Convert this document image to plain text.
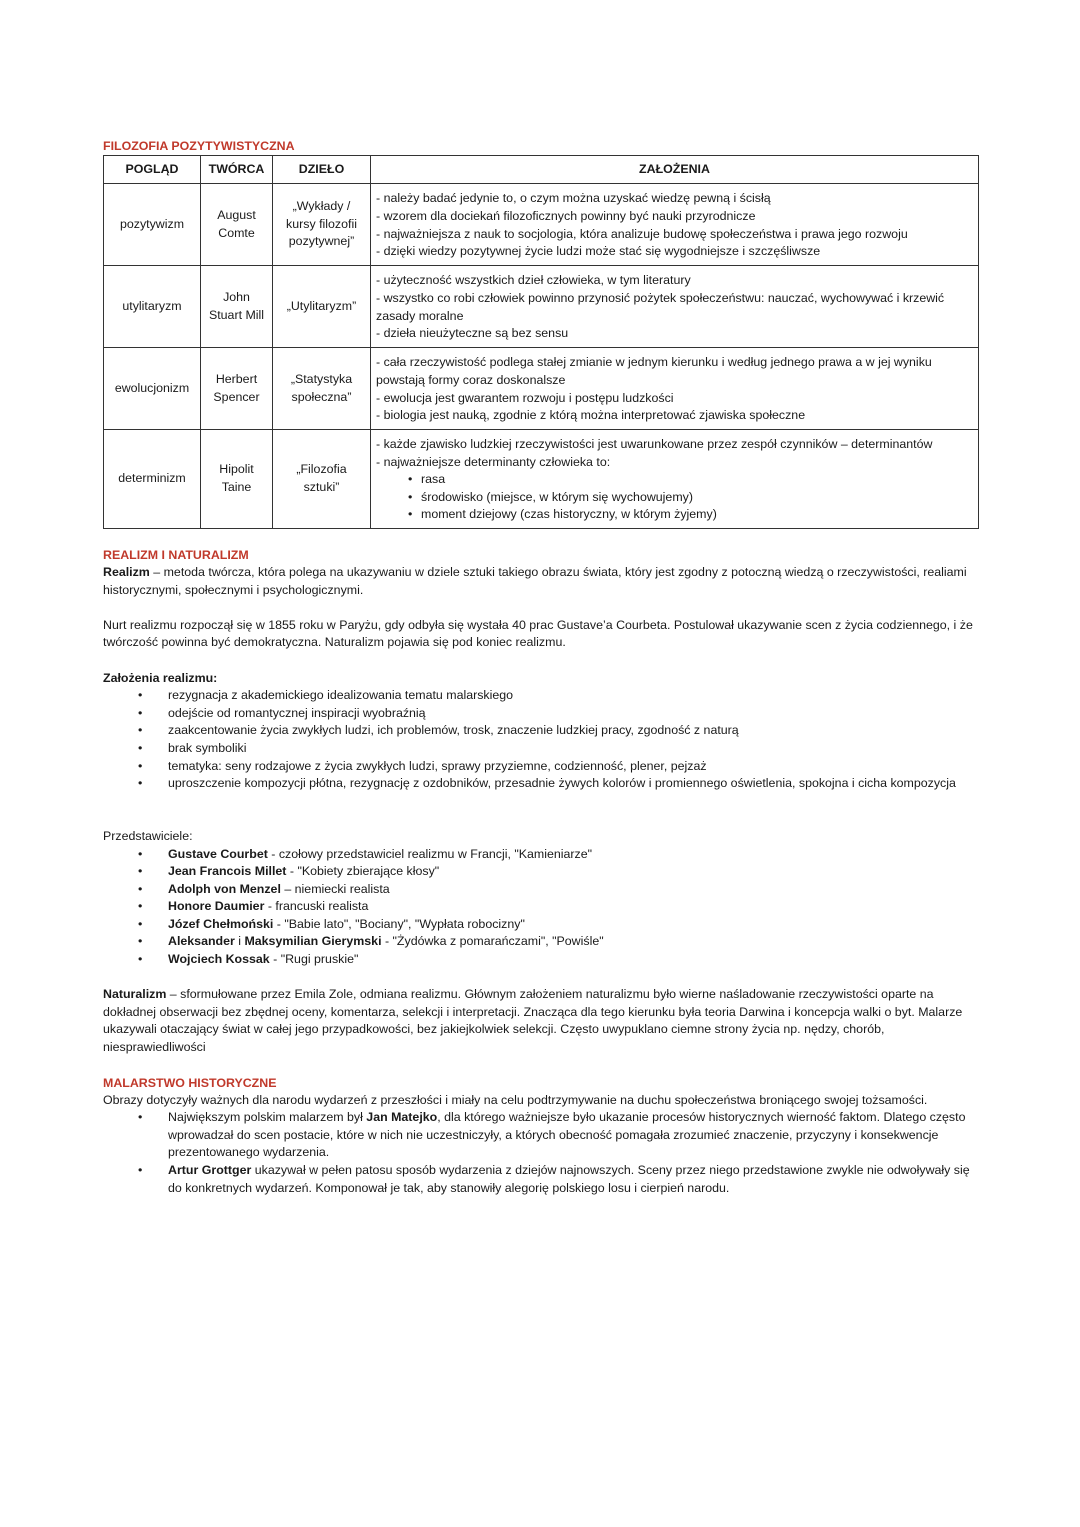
FILOZOFIA POZYTYWISTYCZNA
POGLĄD	TWÓRCA	DZIEŁO	ZAŁOŻENIA
pozytywizm	August Comte	„Wykłady / kursy filozofii pozytywnej”	- należy badać jedynie to, o czym można uzyskać wiedzę pewną i ścisłą
- wzorem dla dociekań filozoficznych powinny być nauki przyrodnicze
- najważniejsza z nauk to socjologia, która analizuje budowę społeczeństwa i prawa jego rozwoju
- dzięki wiedzy pozytywnej życie ludzi może stać się wygodniejsze i szczęśliwsze

utylitaryzm	John Stuart Mill	„Utylitaryzm”	- użyteczność wszystkich dzieł człowieka, w tym literatury
- wszystko co robi człowiek powinno przynosić pożytek społeczeństwu: nauczać, wychowywać i krzewić zasady moralne
- dzieła nieużyteczne są bez sensu

ewolucjonizm	Herbert Spencer	„Statystyka społeczna”	- cała rzeczywistość podlega stałej zmianie w jednym kierunku i według jednego prawa a w jej wyniku powstają formy coraz doskonalsze
- ewolucja jest gwarantem rozwoju i postępu ludzkości
- biologia jest nauką, zgodnie z którą można interpretować zjawiska społeczne

determinizm	Hipolit Taine	„Filozofia sztuki”	- każde zjawisko ludzkiej rzeczywistości jest uwarunkowane przez zespół czynników – determinantów
- najważniejsze determinanty człowieka to:
• rasa
• środowisko (miejsce, w którym się wychowujemy)
• moment dziejowy (czas historyczny, w którym żyjemy)
REALIZM I NATURALIZM

Realizm – metoda twórcza, która polega na ukazywaniu w dziele sztuki takiego obrazu świata, który jest zgodny z potoczną wiedzą o rzeczywistości, realiami historycznymi, społecznymi i psychologicznymi.

Nurt realizmu rozpoczął się w 1855 roku w Paryżu, gdy odbyła się wystała 40 prac Gustave’a Courbeta. Postulował ukazywanie scen z życia codziennego, i że twórczość powinna być demokratyczna. Naturalizm pojawia się pod koniec realizmu.

Założenia realizmu:

• rezygnacja z akademickiego idealizowania tematu malarskiego
• odejście od romantycznej inspiracji wyobraźnią
• zaakcentowanie życia zwykłych ludzi, ich problemów, trosk, znaczenie ludzkiej pracy, zgodność z naturą
• brak symboliki
• tematyka: seny rodzajowe z życia zwykłych ludzi, sprawy przyziemne, codzienność, plener, pejzaż
• uproszczenie kompozycji płótna, rezygnację z ozdobników, przesadnie żywych kolorów i promiennego oświetlenia, spokojna i cicha kompozycja

Przedstawiciele:

• Gustave Courbet - czołowy przedstawiciel realizmu w Francji, "Kamieniarze"
• Jean Francois Millet - "Kobiety zbierające kłosy"
• Adolph von Menzel – niemiecki realista
• Honore Daumier - francuski realista
• Józef Chełmoński - "Babie lato", "Bociany", "Wypłata robocizny"
• Aleksander i Maksymilian Gierymski - "Żydówka z pomarańczami", "Powiśle"
• Wojciech Kossak - "Rugi pruskie"

Naturalizm – sformułowane przez Emila Zole, odmiana realizmu. Głównym założeniem naturalizmu było wierne naśladowanie rzeczywistości oparte na dokładnej obserwacji bez zbędnej oceny, komentarza, selekcji i interpretacji. Znacząca dla tego kierunku była teoria Darwina i koncepcja walki o byt. Malarze ukazywali otaczający świat w całej jego przypadkowości, bez jakiejkolwiek selekcji. Często uwypuklano ciemne strony życia np. nędzy, chorób, niesprawiedliwości

MALARSTWO HISTORYCZNE

Obrazy dotyczyły ważnych dla narodu wydarzeń z przeszłości i miały na celu podtrzymywanie na duchu społeczeństwa broniącego swojej tożsamości.

• Największym polskim malarzem był Jan Matejko, dla którego ważniejsze było ukazanie procesów historycznych wierność faktom. Dlatego często wprowadzał do scen postacie, które w nich nie uczestniczyły, a których obecność pomagała zrozumieć znaczenie, przyczyny i konsekwencje prezentowanego wydarzenia.
• Artur Grottger ukazywał w pełen patosu sposób wydarzenia z dziejów najnowszych. Sceny przez niego przedstawione zwykle nie odwoływały się do konkretnych wydarzeń. Komponował je tak, aby stanowiły alegorię polskiego losu i cierpień narodu.
